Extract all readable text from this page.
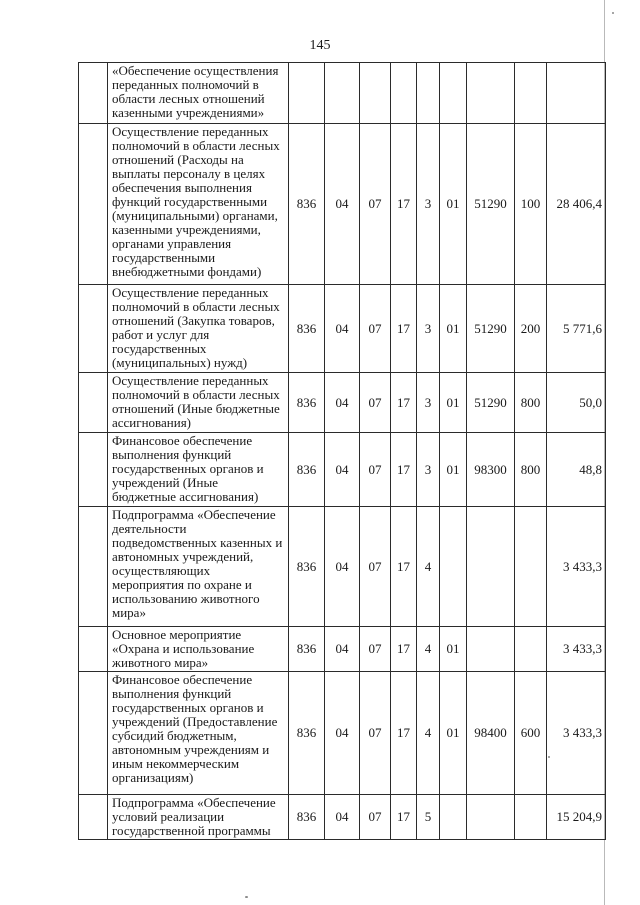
145
	«Обеспечение осуществления переданных полномочий в области лесных отношений казенными учреждениями»									
	Осуществление переданных полномочий в области лесных отношений (Расходы на выплаты персоналу в целях обеспечения выполнения функций государственными (муниципальными) органами, казенными учреждениями, органами управления государственными внебюджетными фондами)	836	04	07	17	3	01	51290	100	28 406,4
	Осуществление переданных полномочий в области лесных отношений (Закупка товаров, работ и услуг для государственных (муниципальных) нужд)	836	04	07	17	3	01	51290	200	5 771,6
	Осуществление переданных полномочий в области лесных отношений (Иные бюджетные ассигнования)	836	04	07	17	3	01	51290	800	50,0
	Финансовое обеспечение выполнения функций государственных органов и учреждений (Иные бюджетные ассигнования)	836	04	07	17	3	01	98300	800	48,8
	Подпрограмма «Обеспечение деятельности подведомственных казенных и автономных учреждений, осуществляющих мероприятия по охране и использованию животного мира»	836	04	07	17	4				3 433,3
	Основное мероприятие «Охрана и использование животного мира»	836	04	07	17	4	01			3 433,3
	Финансовое обеспечение выполнения функций государственных органов и учреждений (Предоставление субсидий бюджетным, автономным учреждениям и иным некоммерческим организациям)	836	04	07	17	4	01	98400	600	3 433,3
	Подпрограмма «Обеспечение условий реализации государственной программы	836	04	07	17	5				15 204,9
